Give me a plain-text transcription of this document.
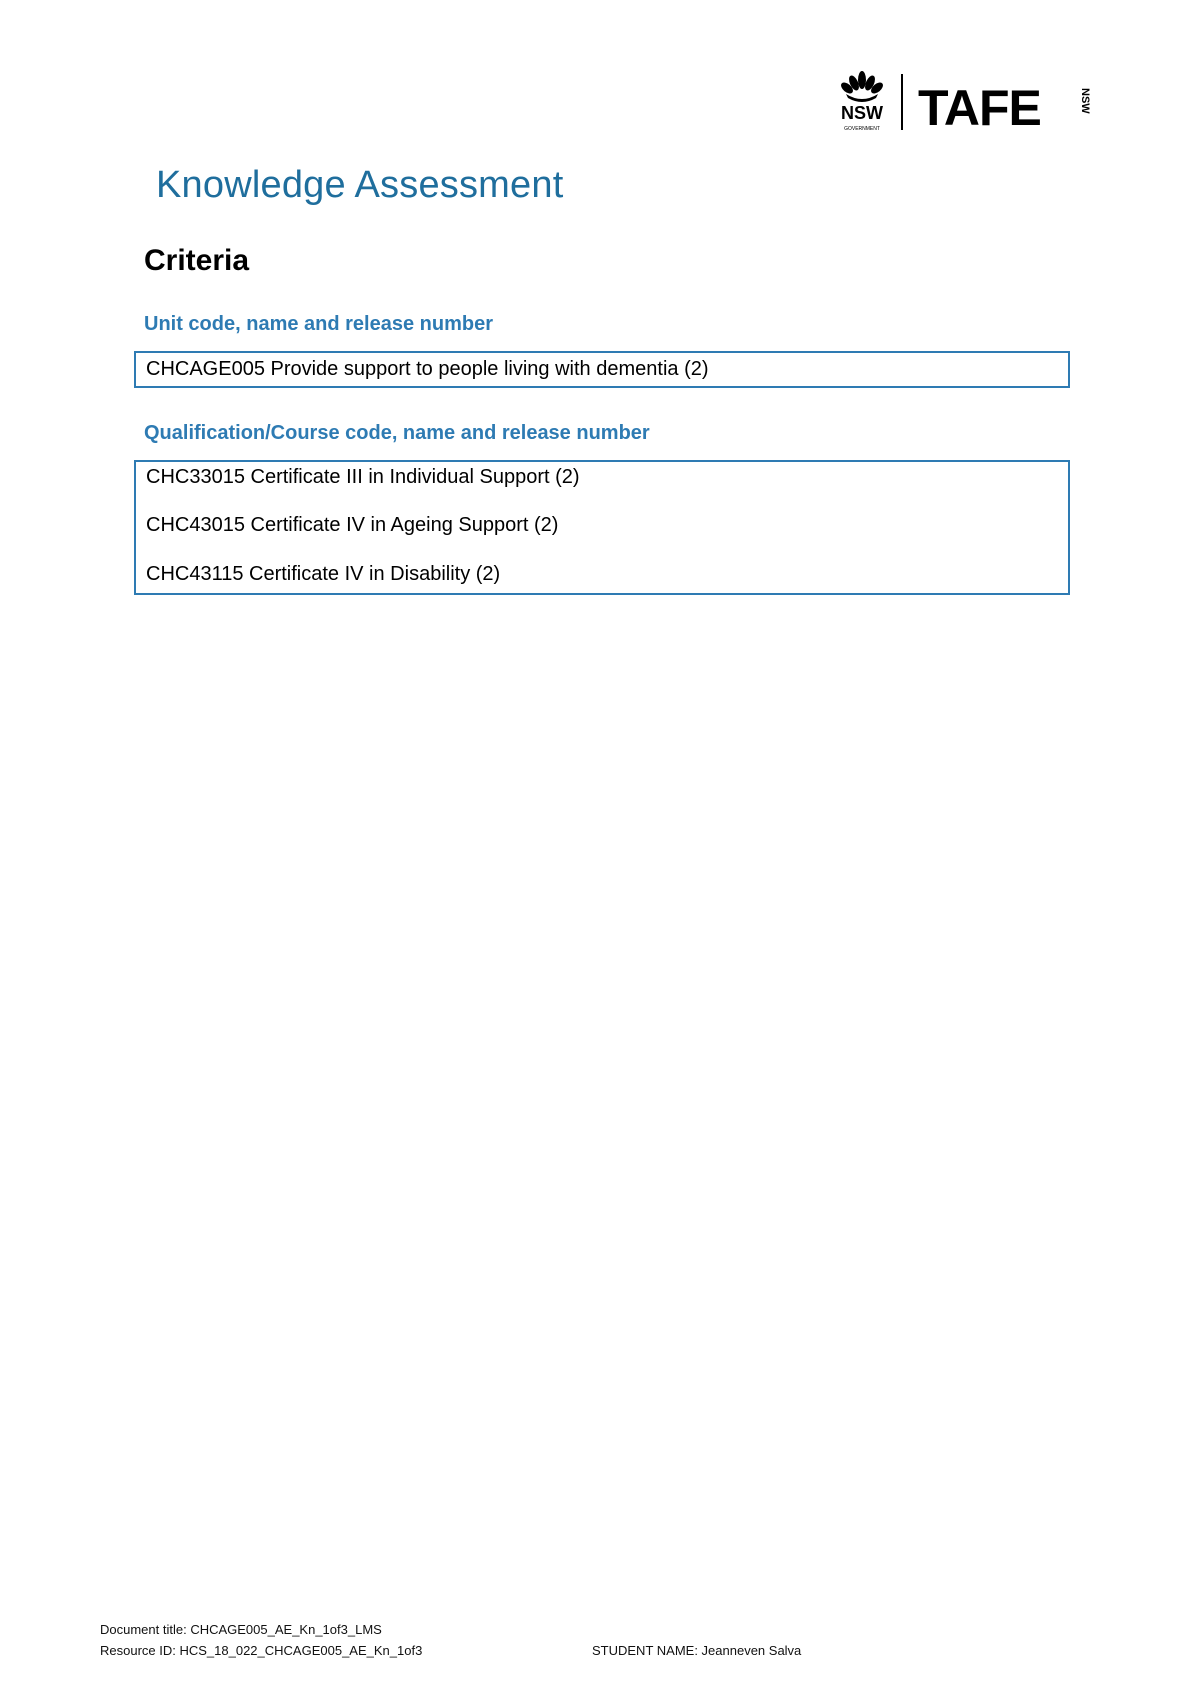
NSW
GOVERNMENT TAFE	NSW
Knowledge Assessment
Criteria
Unit code, name and release number
CHCAGE005 Provide support to people living with dementia (2)
Qualification/Course code, name and release number
CHC33015 Certificate III in Individual Support (2)
CHC43015 Certificate IV in Ageing Support (2)
CHC43115 Certificate IV in Disability (2)
Document title: CHCAGE005_AE_Kn_1of3_LMS
Resource ID: HCS_18_022_CHCAGE005_AE_Kn_1of3	STUDENT NAME: Jeanneven Salva
